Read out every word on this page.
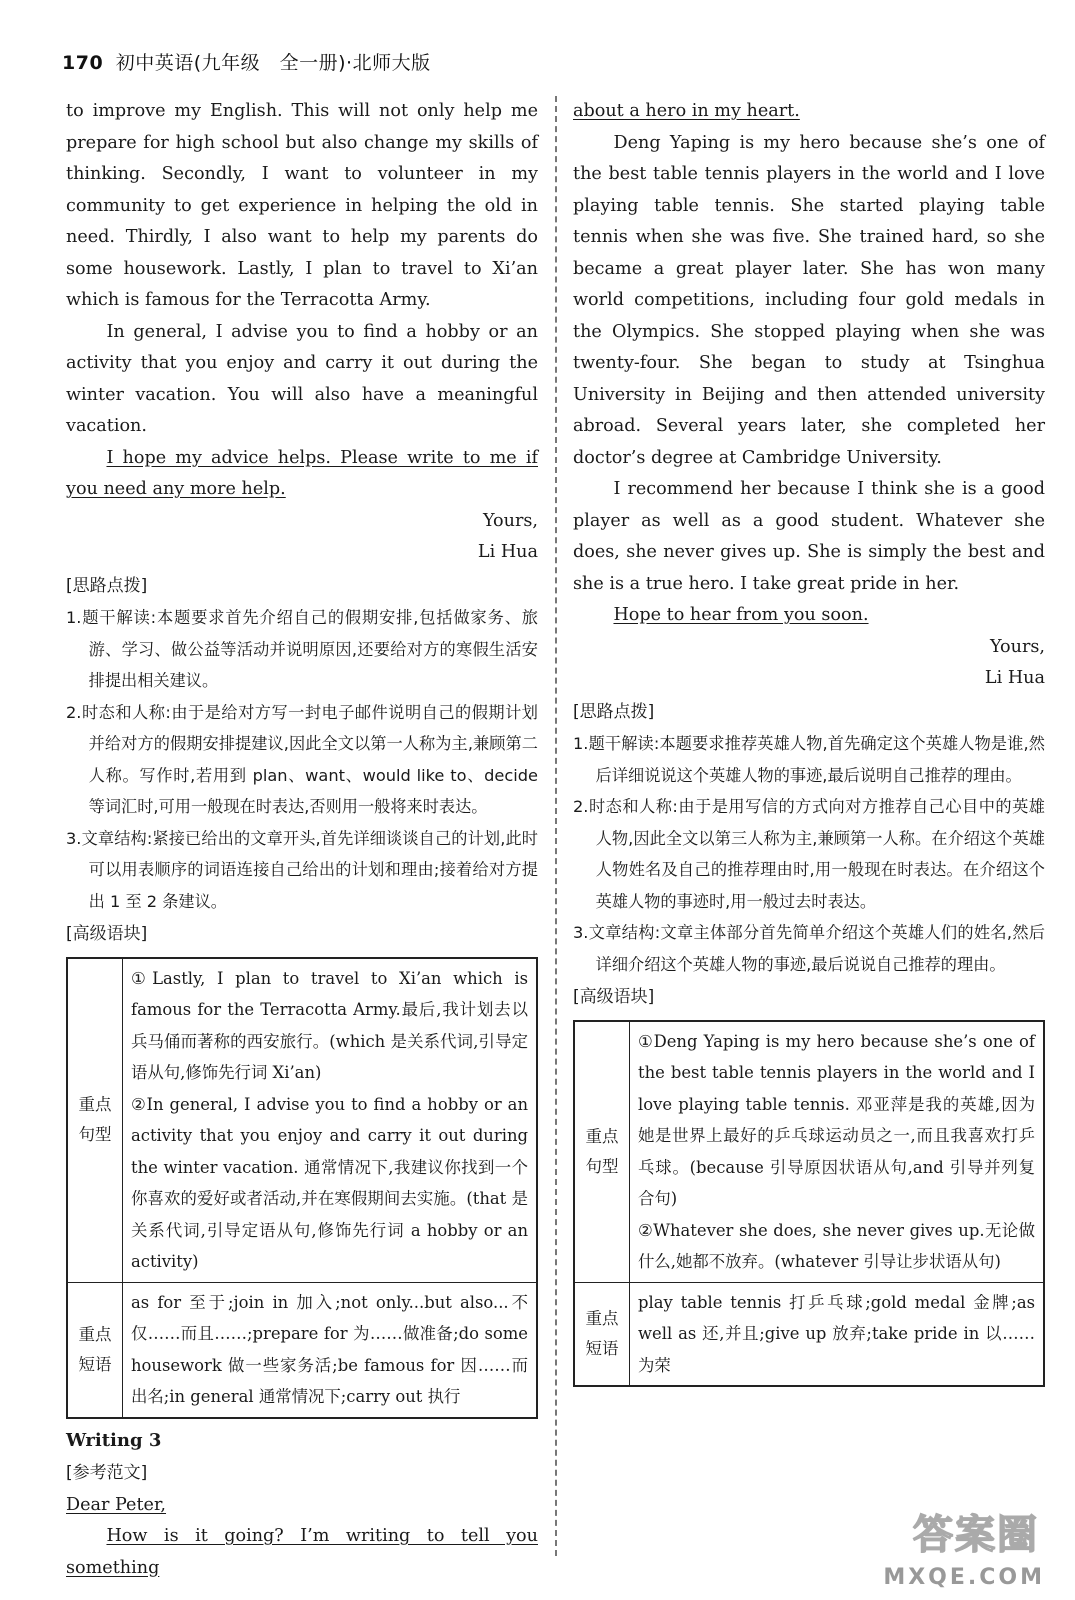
170 初中英语(九年级　全一册)·北师大版

to improve my English. This will not only help me prepare for high school but also change my skills of thinking. Secondly, I want to volunteer in my community to get experience in helping the old in need. Thirdly, I also want to help my parents do some housework. Lastly, I plan to travel to Xi’an which is famous for the Terracotta Army.

In general, I advise you to find a hobby or an activity that you enjoy and carry it out during the winter vacation. You will also have a meaningful vacation.

I hope my advice helps. Please write to me if you need any more help.

Yours,

Li Hua

[思路点拨]
1.题干解读:本题要求首先介绍自己的假期安排,包括做家务、旅游、学习、做公益等活动并说明原因,还要给对方的寒假生活安排提出相关建议。
2.时态和人称:由于是给对方写一封电子邮件说明自己的假期计划并给对方的假期安排提建议,因此全文以第一人称为主,兼顾第二人称。写作时,若用到 plan、want、would like to、decide 等词汇时,可用一般现在时表达,否则用一般将来时表达。
3.文章结构:紧接已给出的文章开头,首先详细谈谈自己的计划,此时可以用表顺序的词语连接自己给出的计划和理由;接着给对方提出 1 至 2 条建议。
[高级语块]
重点
句型	①Lastly, I plan to travel to Xi’an which is famous for the Terracotta Army.最后,我计划去以兵马俑而著称的西安旅行。(which 是关系代词,引导定语从句,修饰先行词 Xi’an)
②In general, I advise you to find a hobby or an activity that you enjoy and carry it out during the winter vacation. 通常情况下,我建议你找到一个你喜欢的爱好或者活动,并在寒假期间去实施。(that 是关系代词,引导定语从句,修饰先行词 a hobby or an activity)

重点
短语	as for 至于;join in 加入;not only...but also...不仅……而且……;prepare for 为……做准备;do some housework 做一些家务活;be famous for 因……而出名;in general 通常情况下;carry out 执行
Writing 3
[参考范文]

Dear Peter,

How is it going? I’m writing to tell you something

about a hero in my heart.

Deng Yaping is my hero because she’s one of the best table tennis players in the world and I love playing table tennis. She started playing table tennis when she was five. She trained hard, so she became a great player later. She has won many world competitions, including four gold medals in the Olympics. She stopped playing when she was twenty-four. She began to study at Tsinghua University in Beijing and then attended university abroad. Several years later, she completed her doctor’s degree at Cambridge University.

I recommend her because I think she is a good player as well as a good student. Whatever she does, she never gives up. She is simply the best and she is a true hero. I take great pride in her.

Hope to hear from you soon.

Yours,

Li Hua

[思路点拨]
1.题干解读:本题要求推荐英雄人物,首先确定这个英雄人物是谁,然后详细说说这个英雄人物的事迹,最后说明自己推荐的理由。
2.时态和人称:由于是用写信的方式向对方推荐自己心目中的英雄人物,因此全文以第三人称为主,兼顾第一人称。在介绍这个英雄人物姓名及自己的推荐理由时,用一般现在时表达。在介绍这个英雄人物的事迹时,用一般过去时表达。
3.文章结构:文章主体部分首先简单介绍这个英雄人们的姓名,然后详细介绍这个英雄人物的事迹,最后说说自己推荐的理由。
[高级语块]
重点
句型	①Deng Yaping is my hero because she’s one of the best table tennis players in the world and I love playing table tennis. 邓亚萍是我的英雄,因为她是世界上最好的乒乓球运动员之一,而且我喜欢打乒乓球。(because 引导原因状语从句,and 引导并列复合句)
②Whatever she does, she never gives up.无论做什么,她都不放弃。(whatever 引导让步状语从句)

重点
短语	play table tennis 打乒乓球;gold medal 金牌;as well as 还,并且;give up 放弃;take pride in 以……为荣
答案圈
MXQE.COM
